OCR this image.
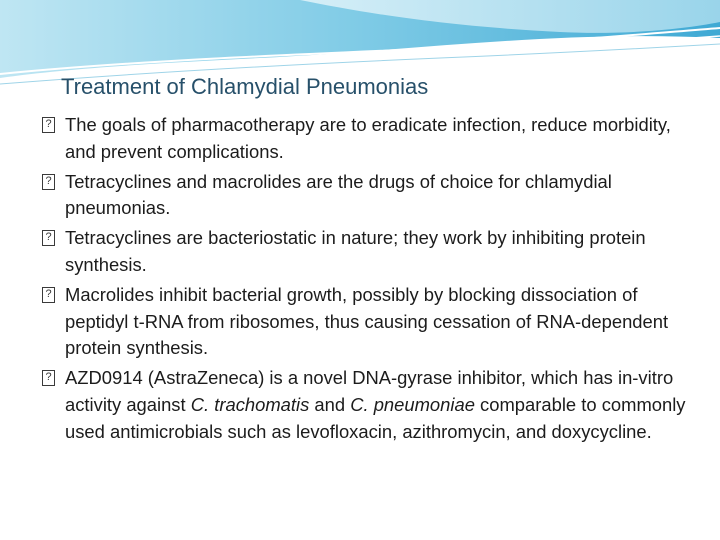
Treatment of Chlamydial Pneumonias
? The goals of pharmacotherapy are to eradicate infection, reduce morbidity, and prevent complications.
? Tetracyclines and macrolides are the drugs of choice for chlamydial pneumonias.
? Tetracyclines are bacteriostatic in nature; they work by inhibiting protein synthesis.
? Macrolides inhibit bacterial growth, possibly by blocking dissociation of peptidyl t-RNA from ribosomes, thus causing cessation of RNA-dependent protein synthesis.
? AZD0914 (AstraZeneca) is a novel DNA-gyrase inhibitor, which has in-vitro activity against C. trachomatis and C. pneumoniae comparable to commonly used antimicrobials such as levofloxacin, azithromycin, and doxycycline.
